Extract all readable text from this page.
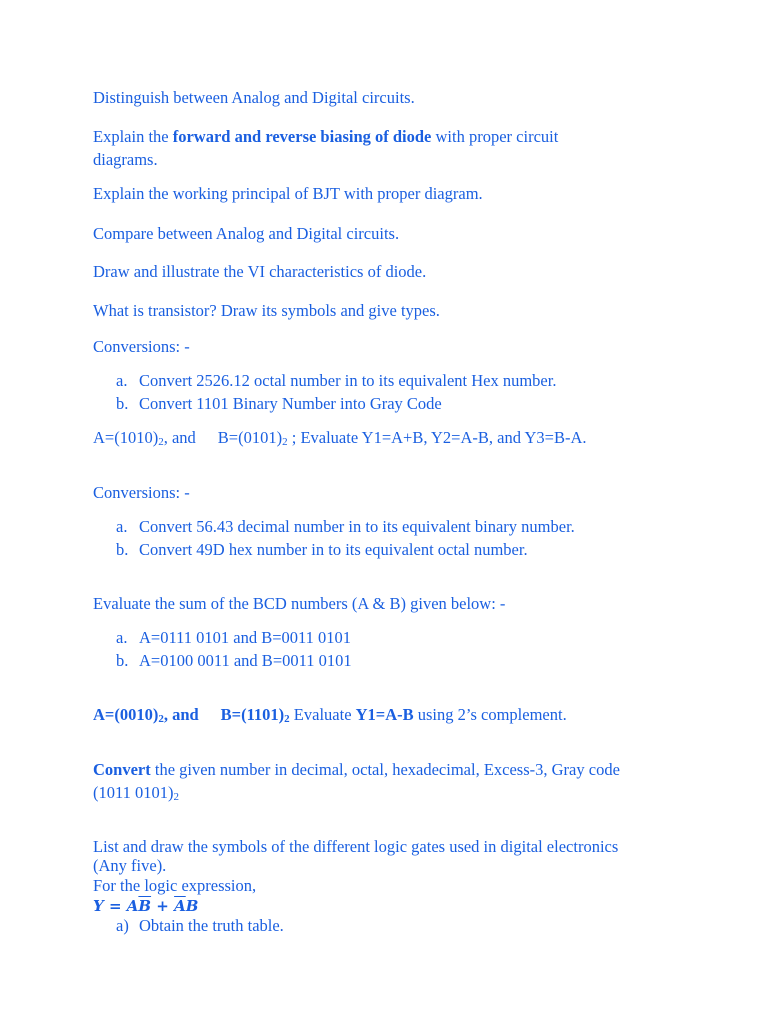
Distinguish between Analog and Digital circuits.
Explain the forward and reverse biasing of diode with proper circuit
diagrams.
Explain the working principal of BJT with proper diagram.
Compare between Analog and Digital circuits.
Draw and illustrate the VI characteristics of diode.
What is transistor? Draw its symbols and give types.
Conversions: -
a. Convert 2526.12 octal number in to its equivalent Hex number.
b. Convert 1101 Binary Number into Gray Code
$A=(1010)_2$, and $B=(0101)_2$ ; Evaluate Y1=A+B, Y2=A-B, and Y3=B-A.
Conversions: -
a. Convert 56.43 decimal number in to its equivalent binary number.
b. Convert 49D hex number in to its equivalent octal number.
Evaluate the sum of the BCD numbers (A & B) given below: -
a. A=0111 0101 and B=0011 0101
b. A=0100 0011 and B=0011 0101
$A=(0010)_2$, and $B=(1101)_2$ Evaluate Y1=A-B using 2’s complement.
Convert the given number in decimal, octal, hexadecimal, Excess-3, Gray code
(1011 $0101)_2$
List and draw the symbols of the different logic gates used in digital electronics
(Any five).
For the logic expression,
$Y = A\overline{B} + \overline{A}B$
a) Obtain the truth table.
